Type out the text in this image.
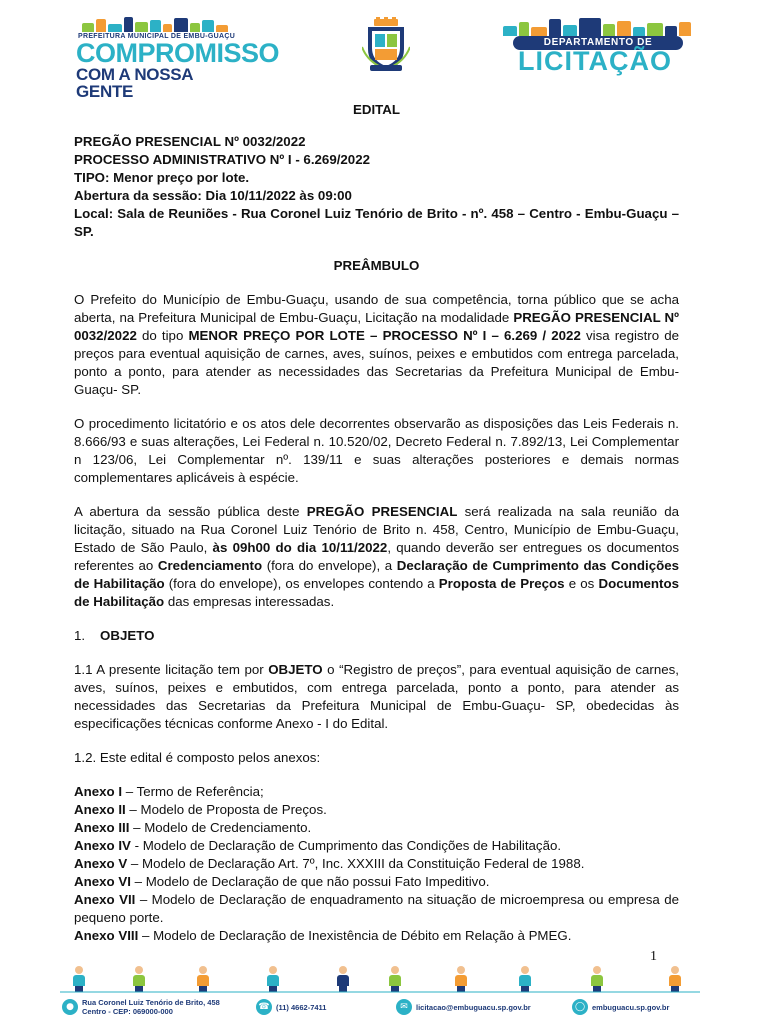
PREFEITURA MUNICIPAL DE EMBU-GUAÇU
COMPROMISSO
COM A NOSSA GENTE
DEPARTAMENTO DE
LICITAÇÃO

EDITAL

PREGÃO PRESENCIAL Nº 0032/2022

PROCESSO ADMINISTRATIVO Nº I - 6.269/2022

TIPO: Menor preço por lote.

Abertura da sessão: Dia 10/11/2022 às 09:00

Local: Sala de Reuniões - Rua Coronel Luiz Tenório de Brito - nº. 458 – Centro - Embu-Guaçu – SP.

PREÂMBULO

O Prefeito do Município de Embu-Guaçu, usando de sua competência, torna público que se acha aberta, na Prefeitura Municipal de Embu-Guaçu, Licitação na modalidade PREGÃO PRESENCIAL Nº 0032/2022 do tipo MENOR PREÇO POR LOTE – PROCESSO Nº I – 6.269 / 2022 visa registro de preços para eventual aquisição de carnes, aves, suínos, peixes e embutidos com entrega parcelada, ponto a ponto, para atender as necessidades das Secretarias da Prefeitura Municipal de Embu-Guaçu- SP.

O procedimento licitatório e os atos dele decorrentes observarão as disposições das Leis Federais n. 8.666/93 e suas alterações, Lei Federal n. 10.520/02, Decreto Federal n. 7.892/13, Lei Complementar n 123/06, Lei Complementar nº. 139/11 e suas alterações posteriores e demais normas complementares aplicáveis à espécie.

A abertura da sessão pública deste PREGÃO PRESENCIAL será realizada na sala reunião da licitação, situado na Rua Coronel Luiz Tenório de Brito n. 458, Centro, Município de Embu-Guaçu, Estado de São Paulo, às 09h00 do dia 10/11/2022, quando deverão ser entregues os documentos referentes ao Credenciamento (fora do envelope), a Declaração de Cumprimento das Condições de Habilitação (fora do envelope), os envelopes contendo a Proposta de Preços e os Documentos de Habilitação das empresas interessadas.

1. OBJETO

1.1 A presente licitação tem por OBJETO o “Registro de preços”, para eventual aquisição de carnes, aves, suínos, peixes e embutidos, com entrega parcelada, ponto a ponto, para atender as necessidades das Secretarias da Prefeitura Municipal de Embu-Guaçu- SP, obedecidas às especificações técnicas conforme Anexo - I do Edital.

1.2. Este edital é composto pelos anexos:

Anexo I – Termo de Referência;

Anexo II – Modelo de Proposta de Preços.

Anexo III – Modelo de Credenciamento.

Anexo IV - Modelo de Declaração de Cumprimento das Condições de Habilitação.

Anexo V – Modelo de Declaração Art. 7º, Inc. XXXIII da Constituição Federal de 1988.

Anexo VI – Modelo de Declaração de que não possui Fato Impeditivo.

Anexo VII – Modelo de Declaração de enquadramento na situação de microempresa ou empresa de pequeno porte.

Anexo VIII – Modelo de Declaração de Inexistência de Débito em Relação à PMEG.

1
●	Rua Coronel Luiz Tenório de Brito, 458
Centro - CEP: 069000-000	☎ (11) 4662-7411	✉	licitacao@embuguacu.sp.gov.br	◯ embuguacu.sp.gov.br
